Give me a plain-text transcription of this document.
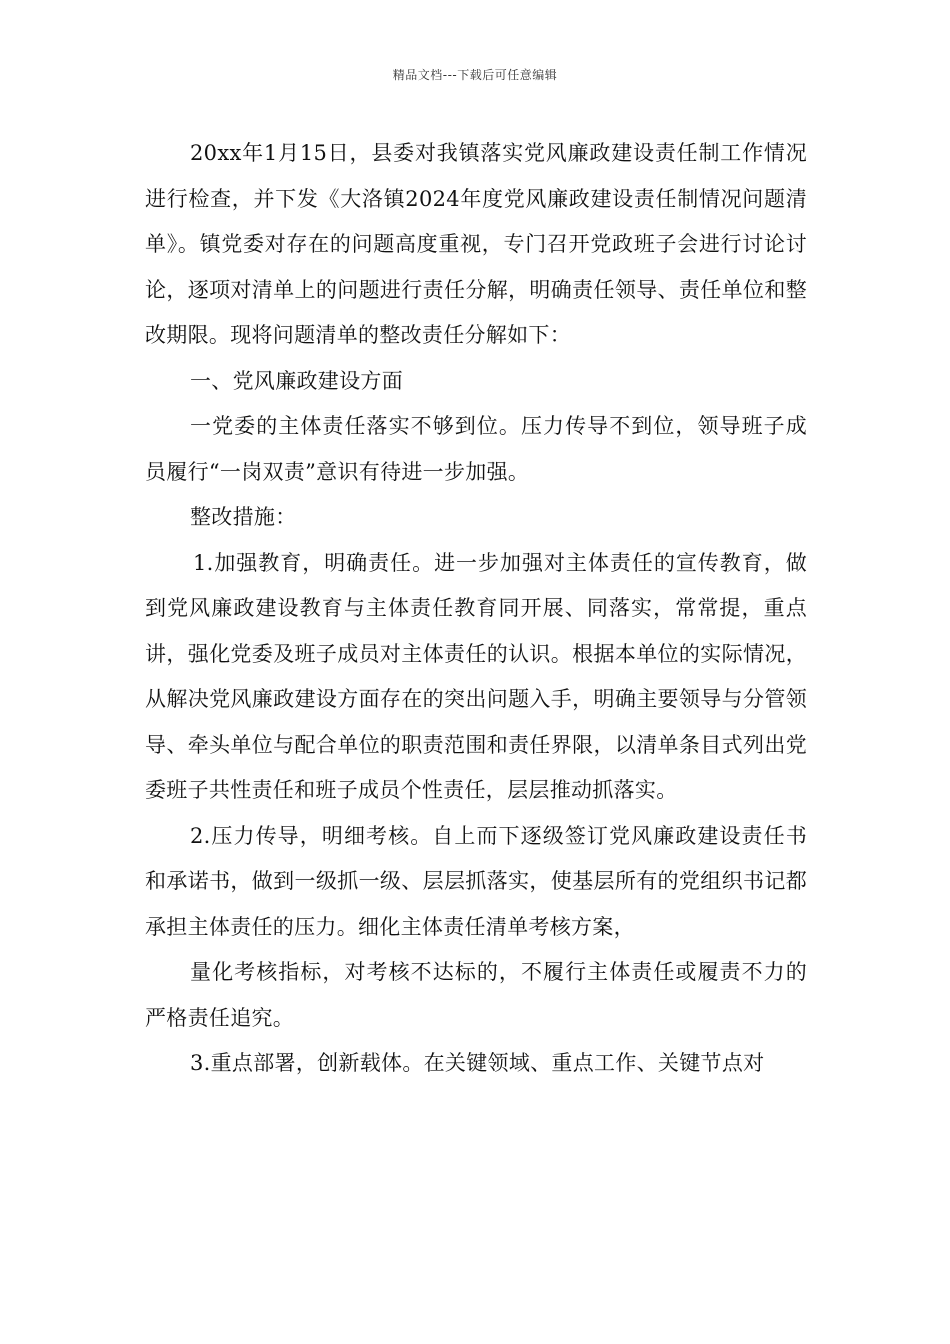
精品文档---下载后可任意编辑

20xx年1月15日，县委对我镇落实党风廉政建设责任制工作情况进行检查，并下发《大洛镇2024年度党风廉政建设责任制情况问题清单》。镇党委对存在的问题高度重视，专门召开党政班子会进行讨论讨论，逐项对清单上的问题进行责任分解，明确责任领导、责任单位和整改期限。现将问题清单的整改责任分解如下：

一、党风廉政建设方面

一党委的主体责任落实不够到位。压力传导不到位，领导班子成员履行“一岗双责”意识有待进一步加强。

整改措施：

1.加强教育，明确责任。进一步加强对主体责任的宣传教育，做到党风廉政建设教育与主体责任教育同开展、同落实，常常提，重点讲，强化党委及班子成员对主体责任的认识。根据本单位的实际情况，从解决党风廉政建设方面存在的突出问题入手，明确主要领导与分管领导、牵头单位与配合单位的职责范围和责任界限，以清单条目式列出党委班子共性责任和班子成员个性责任，层层推动抓落实。

2.压力传导，明细考核。自上而下逐级签订党风廉政建设责任书和承诺书，做到一级抓一级、层层抓落实，使基层所有的党组织书记都承担主体责任的压力。细化主体责任清单考核方案，

量化考核指标，对考核不达标的，不履行主体责任或履责不力的严格责任追究。

3.重点部署，创新载体。在关键领域、重点工作、关键节点对
